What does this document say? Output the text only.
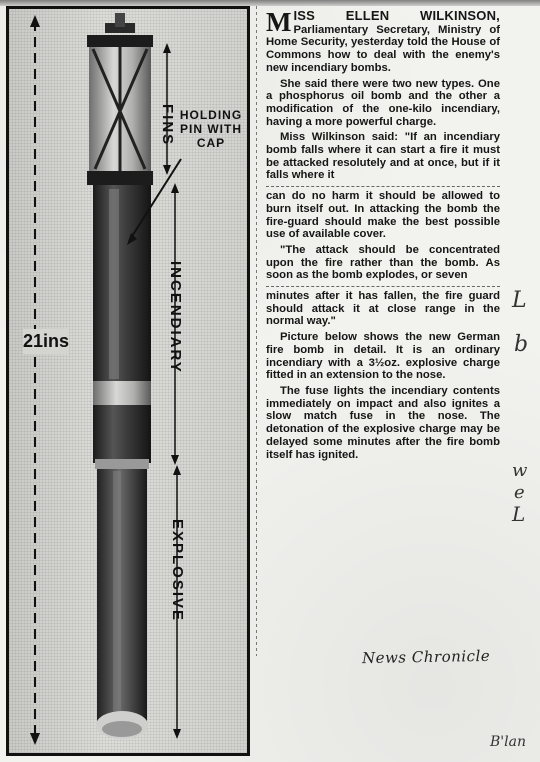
HOLDING PIN WITH CAP
FINS
INCENDIARY
EXPLOSIVE
21ins

MISS ELLEN WILKINSON, Parliamentary Secretary, Ministry of Home Security, yesterday told the House of Commons how to deal with the enemy's new incendiary bombs.

She said there were two new types. One a phosphorus oil bomb and the other a modification of the one-kilo incendiary, having a more powerful charge.

Miss Wilkinson said: "If an incendiary bomb falls where it can start a fire it must be attacked resolutely and at once, but if it falls where it

can do no harm it should be allowed to burn itself out. In attacking the bomb the fire-guard should make the best possible use of available cover.

"The attack should be concentrated upon the fire rather than the bomb. As soon as the bomb explodes, or seven

minutes after it has fallen, the fire guard should attack it at close range in the normal way."

Picture below shows the new German fire bomb in detail. It is an ordinary incendiary with a 3½oz. explosive charge fitted in an extension to the nose.

The fuse lights the incendiary contents immediately on impact and also ignites a slow match fuse in the nose. The detonation of the explosive charge may be delayed some minutes after the fire bomb itself has ignited.

News Chronicle
L
b
w
e
L
B'lan
